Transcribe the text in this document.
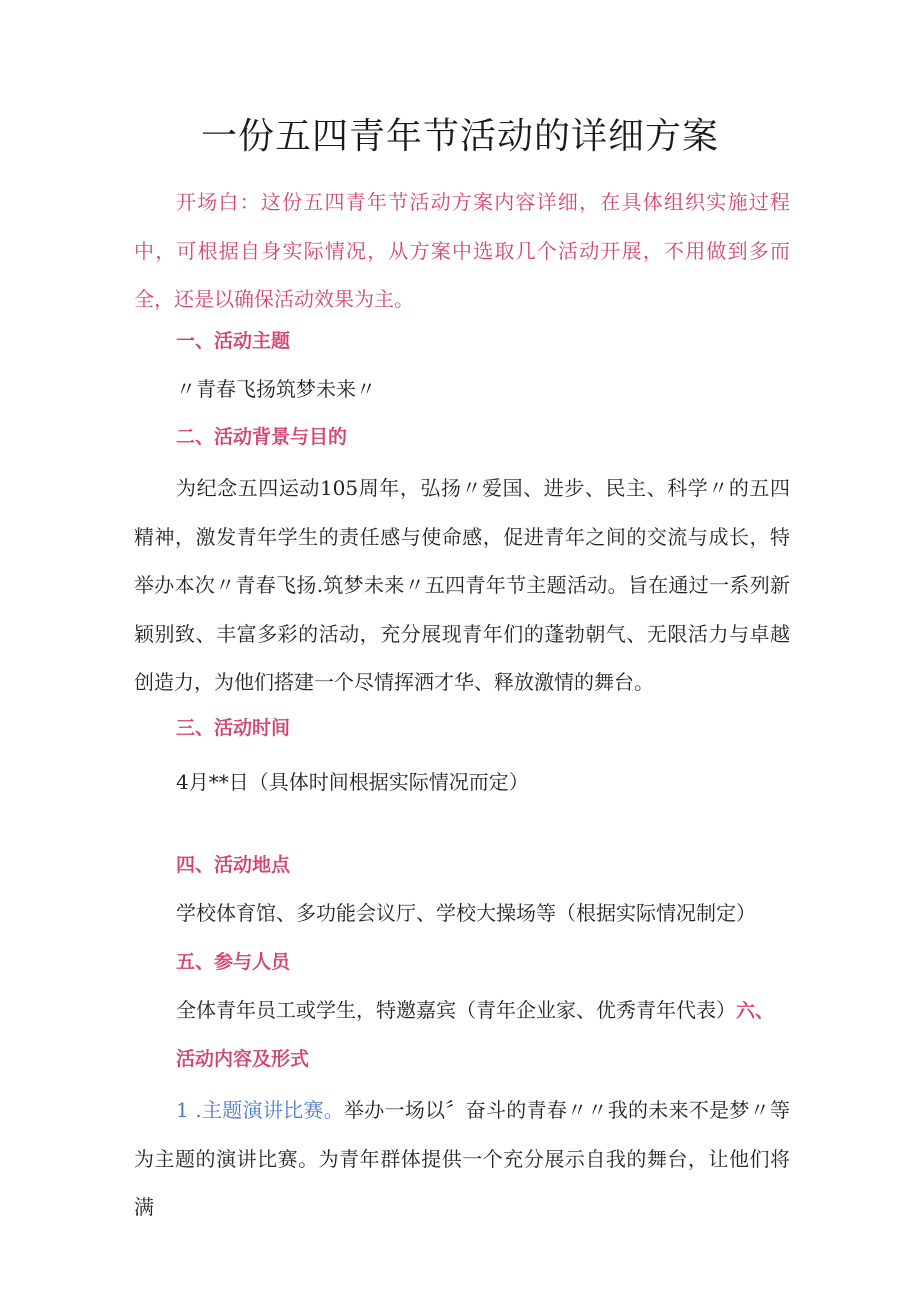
一份五四青年节活动的详细方案

开场白：这份五四青年节活动方案内容详细，在具体组织实施过程中，可根据自身实际情况，从方案中选取几个活动开展，不用做到多而全，还是以确保活动效果为主。

一、活动主题
〃青春飞扬筑梦未来〃
二、活动背景与目的

为纪念五四运动105周年，弘扬〃爱国、进步、民主、科学〃的五四精神，激发青年学生的责任感与使命感，促进青年之间的交流与成长，特举办本次〃青春飞扬.筑梦未来〃五四青年节主题活动。旨在通过一系列新颖别致、丰富多彩的活动，充分展现青年们的蓬勃朝气、无限活力与卓越创造力，为他们搭建一个尽情挥洒才华、释放激情的舞台。

三、活动时间
4月**日（具体时间根据实际情况而定）
四、活动地点
学校体育馆、多功能会议厅、学校大操场等（根据实际情况制定）
五、参与人员
全体青年员工或学生，特邀嘉宾（青年企业家、优秀青年代表）六、
活动内容及形式

1 .主题演讲比赛。举办一场以〞奋斗的青春〃〃我的未来不是梦〃等为主题的演讲比赛。为青年群体提供一个充分展示自我的舞台，让他们将满
